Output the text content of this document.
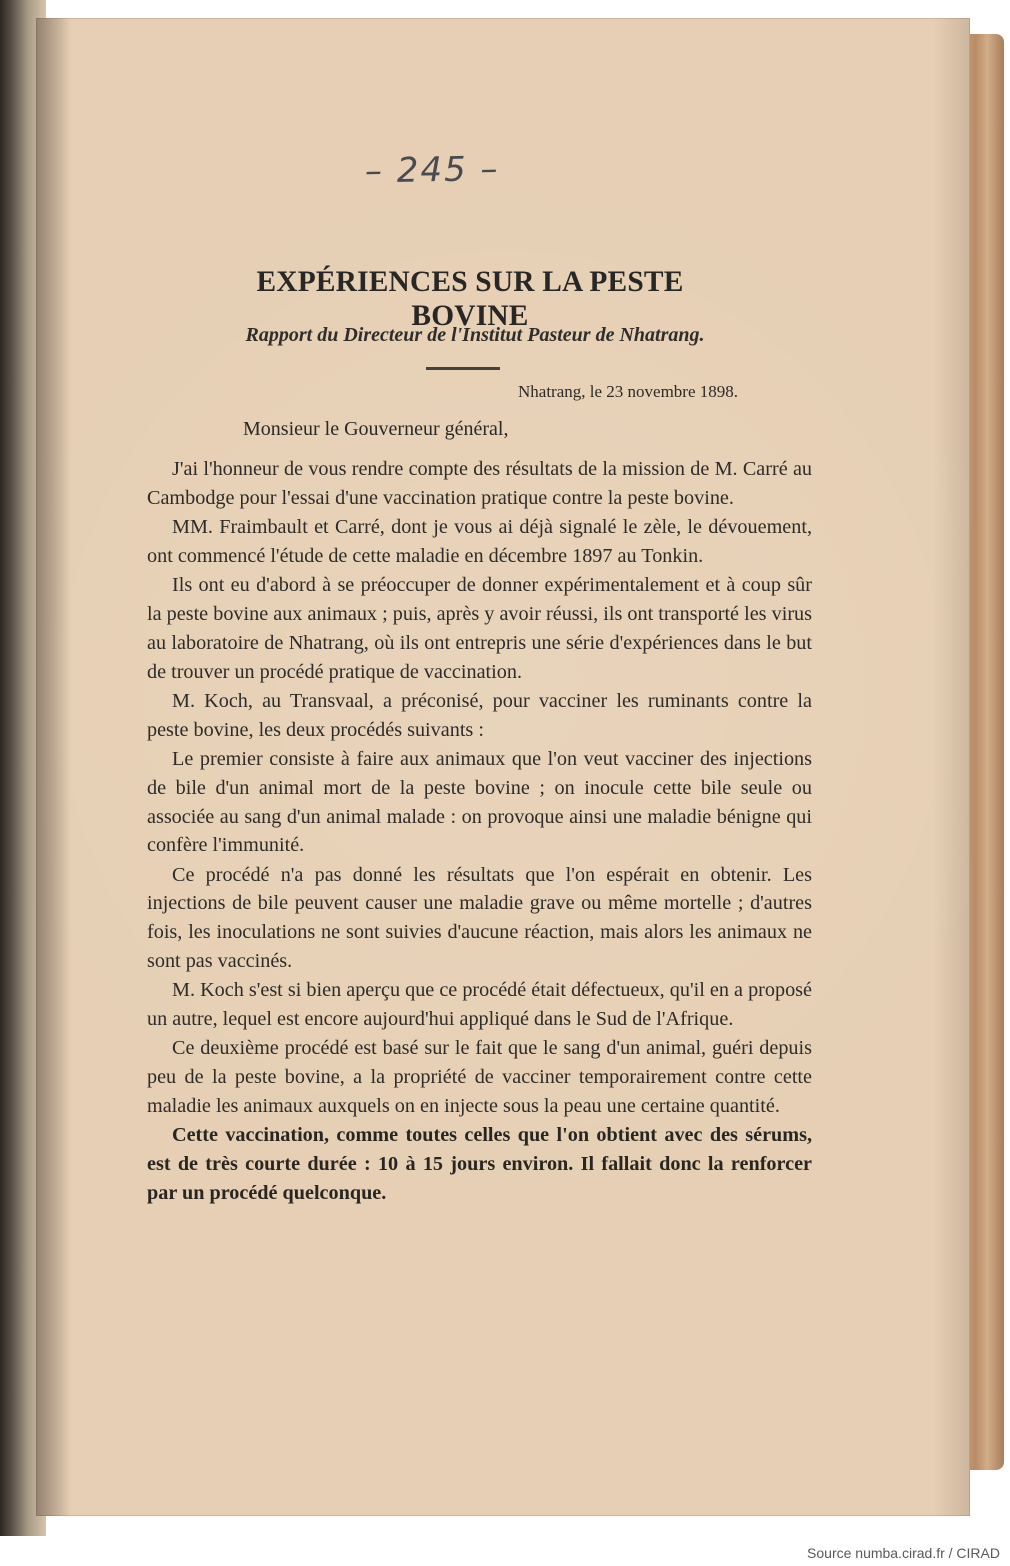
– 245 –
EXPÉRIENCES SUR LA PESTE BOVINE
Rapport du Directeur de l'Institut Pasteur de Nhatrang.
Nhatrang, le 23 novembre 1898.
Monsieur le Gouverneur général,

J'ai l'honneur de vous rendre compte des résultats de la mission de M. Carré au Cambodge pour l'essai d'une vaccination pratique contre la peste bovine.

MM. Fraimbault et Carré, dont je vous ai déjà signalé le zèle, le dévouement, ont commencé l'étude de cette maladie en décembre 1897 au Tonkin.

Ils ont eu d'abord à se préoccuper de donner expérimentalement et à coup sûr la peste bovine aux animaux ; puis, après y avoir réussi, ils ont transporté les virus au laboratoire de Nhatrang, où ils ont entrepris une série d'expériences dans le but de trouver un procédé pratique de vaccination.

M. Koch, au Transvaal, a préconisé, pour vacciner les ruminants contre la peste bovine, les deux procédés suivants :

Le premier consiste à faire aux animaux que l'on veut vacciner des injections de bile d'un animal mort de la peste bovine ; on inocule cette bile seule ou associée au sang d'un animal malade : on provoque ainsi une maladie bénigne qui confère l'immunité.

Ce procédé n'a pas donné les résultats que l'on espérait en obtenir. Les injections de bile peuvent causer une maladie grave ou même mortelle ; d'autres fois, les inoculations ne sont suivies d'aucune réaction, mais alors les animaux ne sont pas vaccinés.

M. Koch s'est si bien aperçu que ce procédé était défectueux, qu'il en a proposé un autre, lequel est encore aujourd'hui appliqué dans le Sud de l'Afrique.

Ce deuxième procédé est basé sur le fait que le sang d'un animal, guéri depuis peu de la peste bovine, a la propriété de vacciner temporairement contre cette maladie les animaux auxquels on en injecte sous la peau une certaine quantité.

Cette vaccination, comme toutes celles que l'on obtient avec des sérums, est de très courte durée : 10 à 15 jours environ. Il fallait donc la renforcer par un procédé quelconque.

Source numba.cirad.fr / CIRAD
